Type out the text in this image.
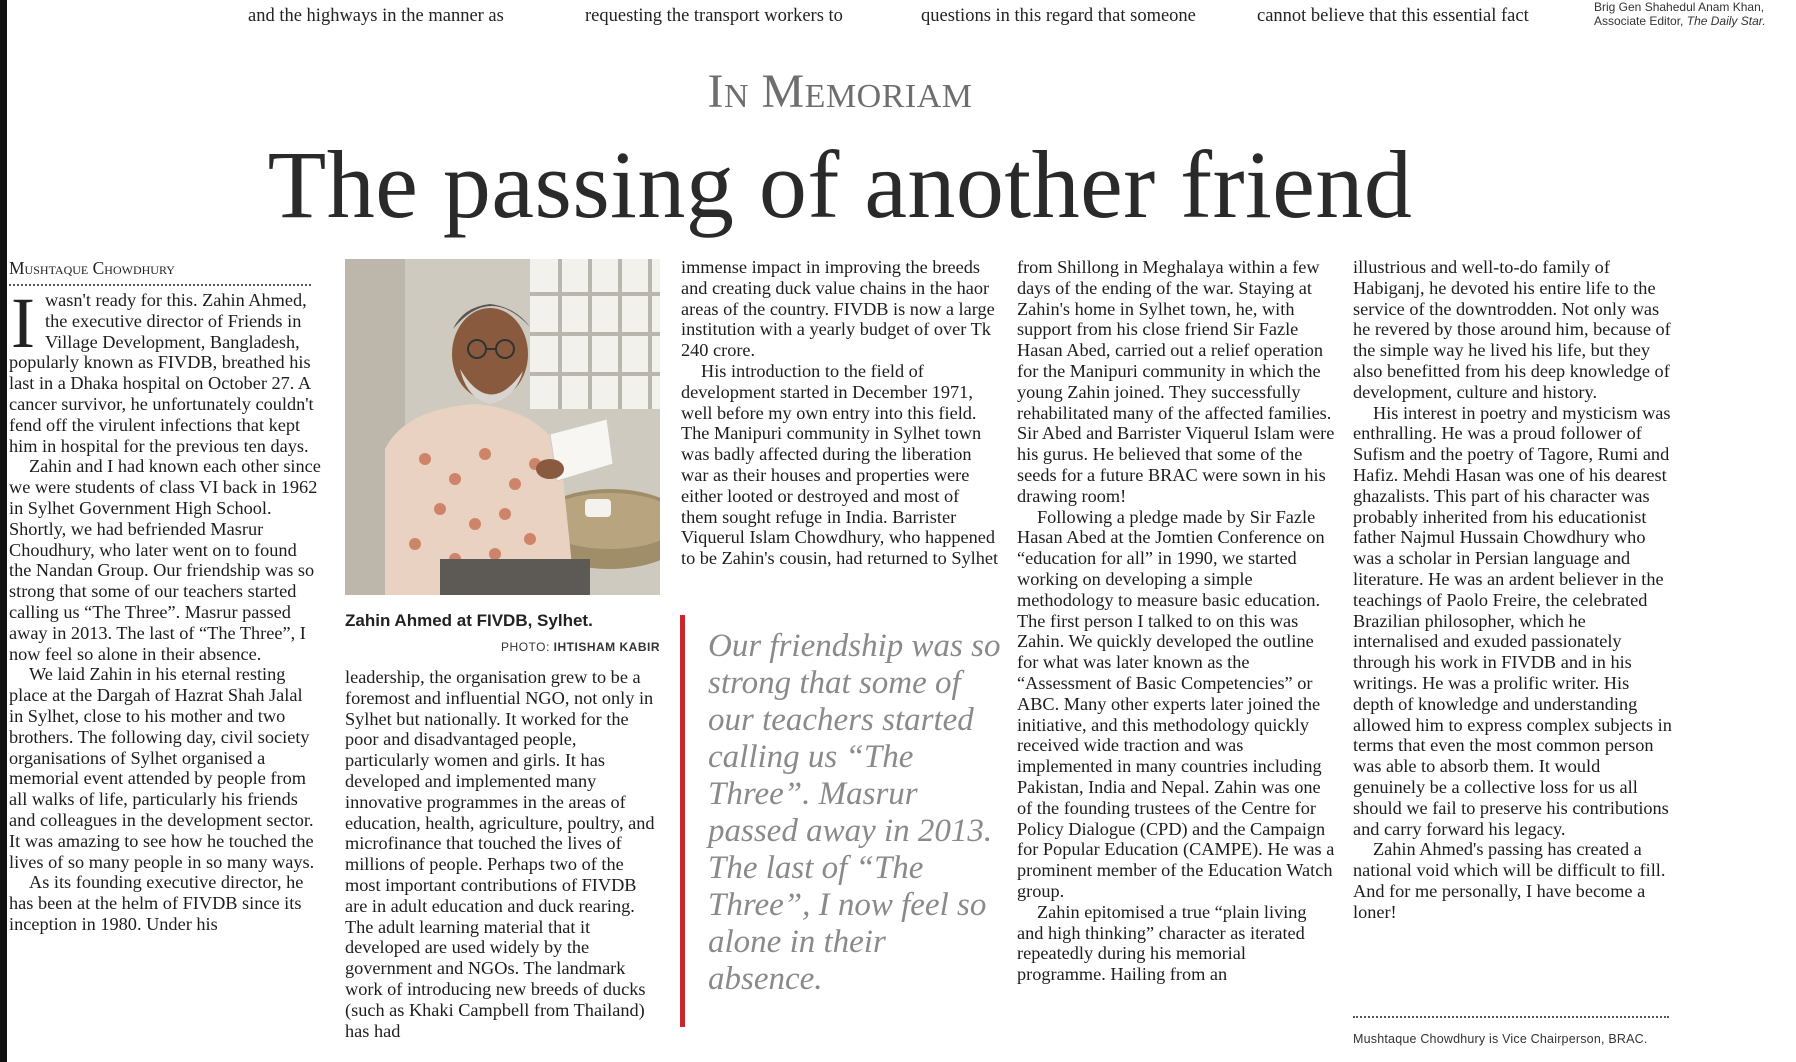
and the highways in the manner as	requesting the transport workers to	questions in this regard that someone	cannot believe that this essential fact	Brig Gen Shahedul Anam Khan,
Associate Editor, The Daily Star.
In Memoriam
The passing of another friend
Mushtaque Chowdhury

Iwasn't ready for this. Zahin Ahmed, the executive director of Friends in Village Development, Bangladesh, popularly known as FIVDB, breathed his last in a Dhaka hospital on October 27. A cancer survivor, he unfortunately couldn't fend off the virulent infections that kept him in hospital for the previous ten days.

Zahin and I had known each other since we were students of class VI back in 1962 in Sylhet Government High School. Shortly, we had befriended Masrur Choudhury, who later went on to found the Nandan Group. Our friendship was so strong that some of our teachers started calling us “The Three”. Masrur passed away in 2013. The last of “The Three”, I now feel so alone in their absence.

We laid Zahin in his eternal resting place at the Dargah of Hazrat Shah Jalal in Sylhet, close to his mother and two brothers. The following day, civil society organisations of Sylhet organised a memorial event attended by people from all walks of life, particularly his friends and colleagues in the development sector. It was amazing to see how he touched the lives of so many people in so many ways.

As its founding executive director, he has been at the helm of FIVDB since its inception in 1980. Under his

Zahin Ahmed at FIVDB, Sylhet.
PHOTO: IHTISHAM KABIR

leadership, the organisation grew to be a foremost and influential NGO, not only in Sylhet but nationally. It worked for the poor and disadvantaged people, particularly women and girls. It has developed and implemented many innovative programmes in the areas of education, health, agriculture, poultry, and microfinance that touched the lives of millions of people. Perhaps two of the most important contributions of FIVDB are in adult education and duck rearing. The adult learning material that it developed are used widely by the government and NGOs. The landmark work of introducing new breeds of ducks (such as Khaki Campbell from Thailand) has had

immense impact in improving the breeds and creating duck value chains in the haor areas of the country. FIVDB is now a large institution with a yearly budget of over Tk 240 crore.

His introduction to the field of development started in December 1971, well before my own entry into this field. The Manipuri community in Sylhet town was badly affected during the liberation war as their houses and properties were either looted or destroyed and most of them sought refuge in India. Barrister Viquerul Islam Chowdhury, who happened to be Zahin's cousin, had returned to Sylhet

Our friendship was so strong that some of our teachers started calling us “The Three”. Masrur passed away in 2013. The last of “The Three”, I now feel so alone in their absence.

from Shillong in Meghalaya within a few days of the ending of the war. Staying at Zahin's home in Sylhet town, he, with support from his close friend Sir Fazle Hasan Abed, carried out a relief operation for the Manipuri community in which the young Zahin joined. They successfully rehabilitated many of the affected families. Sir Abed and Barrister Viquerul Islam were his gurus. He believed that some of the seeds for a future BRAC were sown in his drawing room!

Following a pledge made by Sir Fazle Hasan Abed at the Jomtien Conference on “education for all” in 1990, we started working on developing a simple methodology to measure basic education. The first person I talked to on this was Zahin. We quickly developed the outline for what was later known as the “Assessment of Basic Competencies” or ABC. Many other experts later joined the initiative, and this methodology quickly received wide traction and was implemented in many countries including Pakistan, India and Nepal. Zahin was one of the founding trustees of the Centre for Policy Dialogue (CPD) and the Campaign for Popular Education (CAMPE). He was a prominent member of the Education Watch group.

Zahin epitomised a true “plain living and high thinking” character as iterated repeatedly during his memorial programme. Hailing from an

illustrious and well-to-do family of Habiganj, he devoted his entire life to the service of the downtrodden. Not only was he revered by those around him, because of the simple way he lived his life, but they also benefitted from his deep knowledge of development, culture and history.

His interest in poetry and mysticism was enthralling. He was a proud follower of Sufism and the poetry of Tagore, Rumi and Hafiz. Mehdi Hasan was one of his dearest ghazalists. This part of his character was probably inherited from his educationist father Najmul Hussain Chowdhury who was a scholar in Persian language and literature. He was an ardent believer in the teachings of Paolo Freire, the celebrated Brazilian philosopher, which he internalised and exuded passionately through his work in FIVDB and in his writings. He was a prolific writer. His depth of knowledge and understanding allowed him to express complex subjects in terms that even the most common person was able to absorb them. It would genuinely be a collective loss for us all should we fail to preserve his contributions and carry forward his legacy.

Zahin Ahmed's passing has created a national void which will be difficult to fill. And for me personally, I have become a loner!

Mushtaque Chowdhury is Vice Chairperson, BRAC.
